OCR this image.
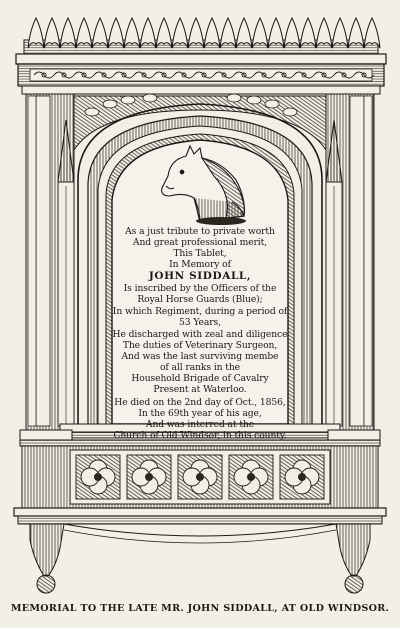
As a just tribute to private worth
And great professional merit,
This Tablet,
In Memory of
JOHN SIDDALL,
Is inscribed by the Officers of the
Royal Horse Guards (Blue);
In which Regiment, during a period of
53 Years,
He discharged with zeal and diligence
The duties of Veterinary Surgeon,
And was the last surviving membe
of all ranks in the
Household Brigade of Cavalry
Present at Waterloo.
He died on the 2nd day of Oct., 1856,
In the 69th year of his age,
And was interred at the
Church of Old Windsor, in this county.
MEMORIAL TO THE LATE MR. JOHN SIDDALL, AT OLD WINDSOR.
